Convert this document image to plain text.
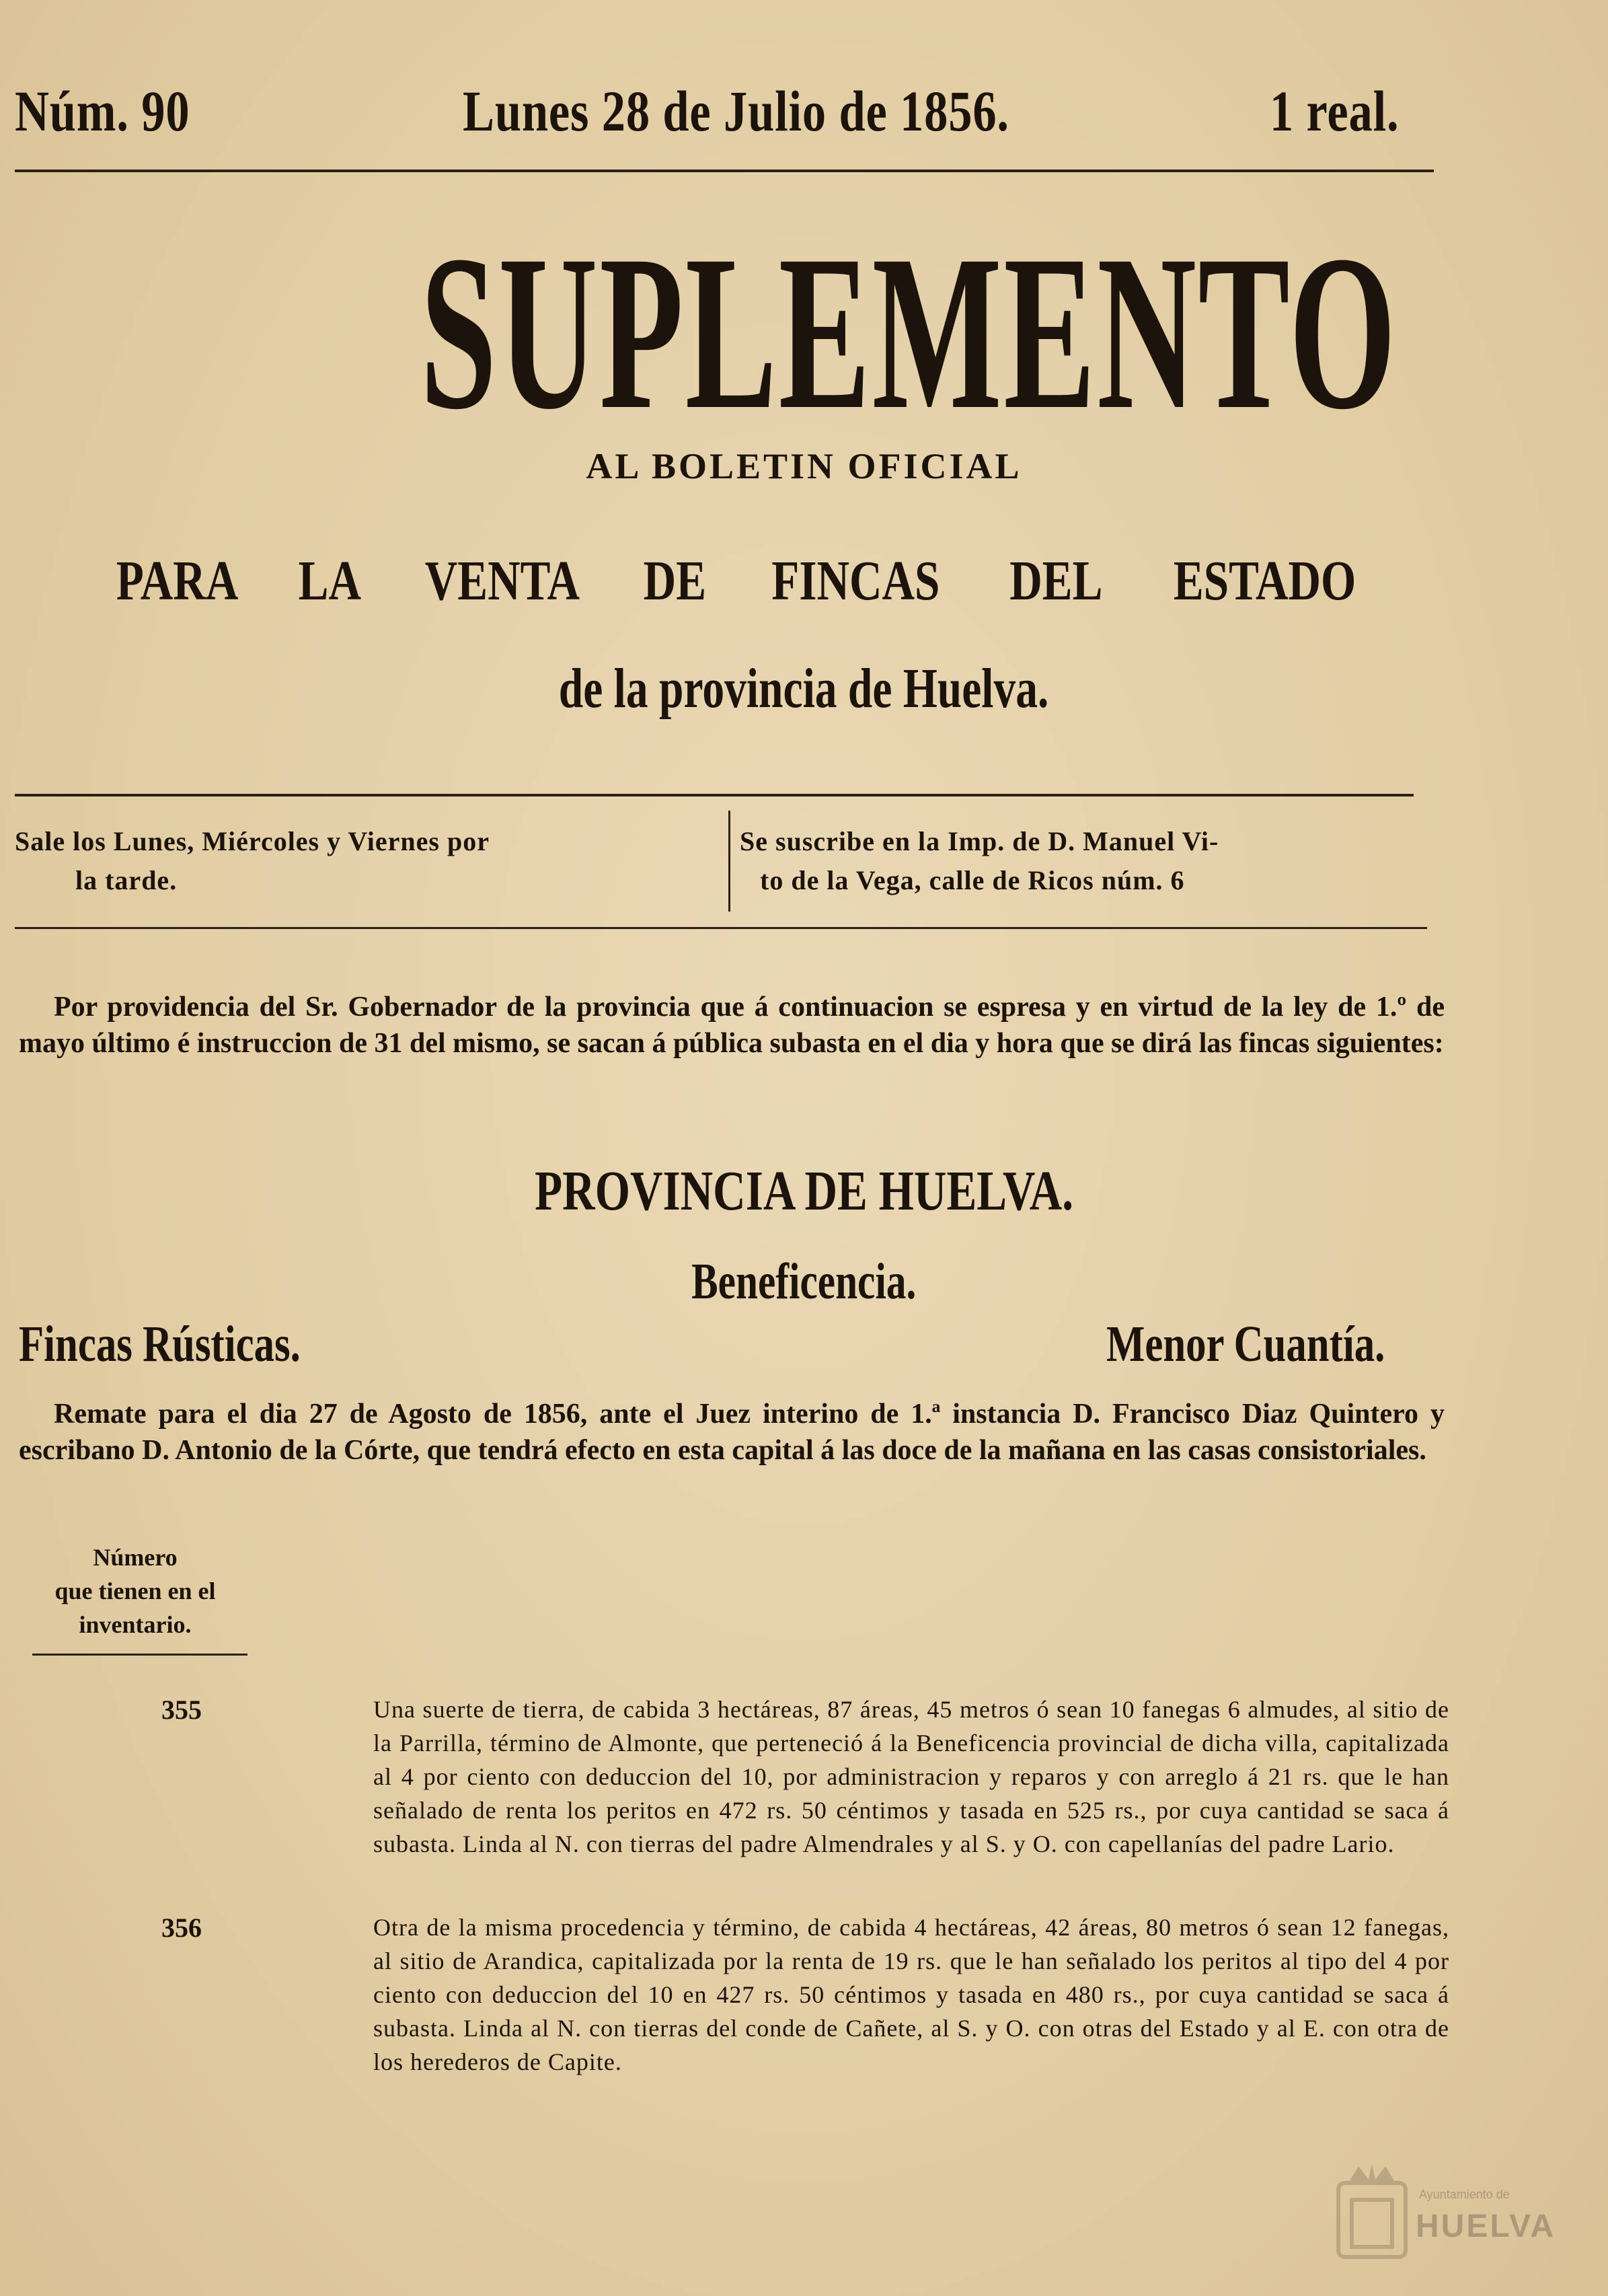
Núm. 90	Lunes 28 de Julio de 1856.	1 real.
SUPLEMENTO
AL BOLETIN OFICIAL
PARA LA VENTA DE FINCAS DEL ESTADO
de la provincia de Huelva.
Sale los Lunes, Miércoles y Viernes por
la tarde.
Se suscribe en la Imp. de D. Manuel Vi-
to de la Vega, calle de Ricos núm. 6
Por providencia del Sr. Gobernador de la provincia que á continuacion se espresa y en virtud de la ley de 1.º de mayo último é instruccion de 31 del mismo, se sacan á pública subasta en el dia y hora que se dirá las fincas siguientes:
PROVINCIA DE HUELVA.
Beneficencia.
Fincas Rústicas.	Menor Cuantía.
Remate para el dia 27 de Agosto de 1856, ante el Juez interino de 1.ª instancia D. Francisco Diaz Quintero y escribano D. Antonio de la Córte, que tendrá efecto en esta capital á las doce de la mañana en las casas consistoriales.
Número
que tienen en el
inventario.
355	Una suerte de tierra, de cabida 3 hectáreas, 87 áreas, 45 metros ó sean 10 fanegas 6 almudes, al sitio de la Parrilla, término de Almonte, que perteneció á la Beneficencia provincial de dicha villa, capitalizada al 4 por ciento con deduccion del 10, por administracion y reparos y con arreglo á 21 rs. que le han señalado de renta los peritos en 472 rs. 50 céntimos y tasada en 525 rs., por cuya cantidad se saca á subasta. Linda al N. con tierras del padre Almendrales y al S. y O. con capellanías del padre Lario.
356	Otra de la misma procedencia y término, de cabida 4 hectáreas, 42 áreas, 80 metros ó sean 12 fanegas, al sitio de Arandica, capitalizada por la renta de 19 rs. que le han señalado los peritos al tipo del 4 por ciento con deduccion del 10 en 427 rs. 50 céntimos y tasada en 480 rs., por cuya cantidad se saca á subasta. Linda al N. con tierras del conde de Cañete, al S. y O. con otras del Estado y al E. con otra de los herederos de Capite.
Ayuntamiento de
HUELVA
